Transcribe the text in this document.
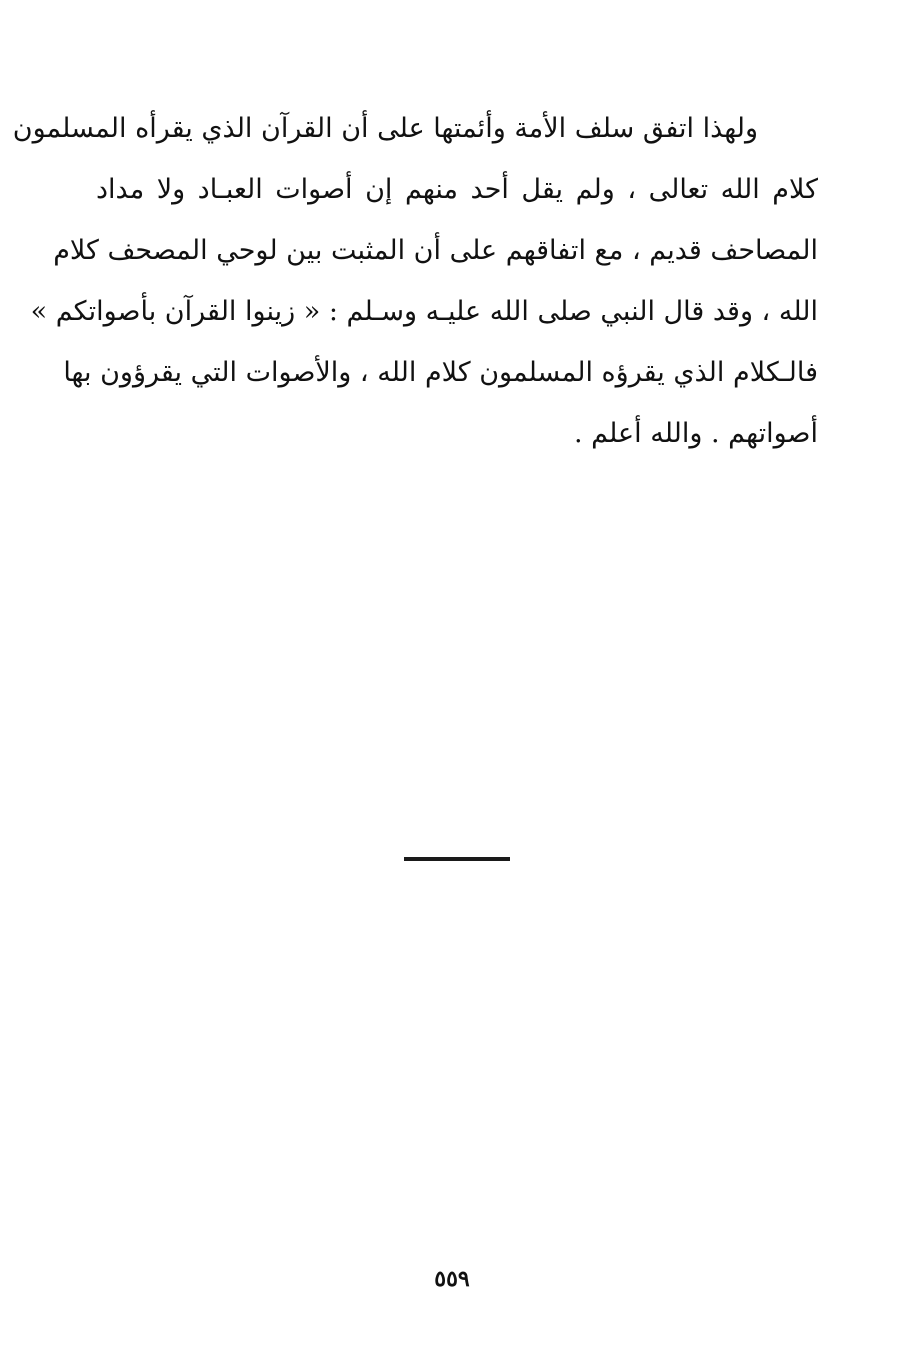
ولهذا اتفق سلف الأمة وأئمتها على أن القرآن الذي يقرأه المسلمون
كلام الله تعالى ، ولم يقل أحد منهم إن أصوات العبـاد ولا مداد
المصاحف قديم ، مع اتفاقهم على أن المثبت بين لوحي المصحف كلام
الله ، وقد قال النبي صلى الله عليـه وسـلم : « زينوا القرآن بأصواتكم »
فالـكلام الذي يقرؤه المسلمون كلام الله ، والأصوات التي يقرؤون بها
أصواتهم . والله أعلم .
٥٥٩
